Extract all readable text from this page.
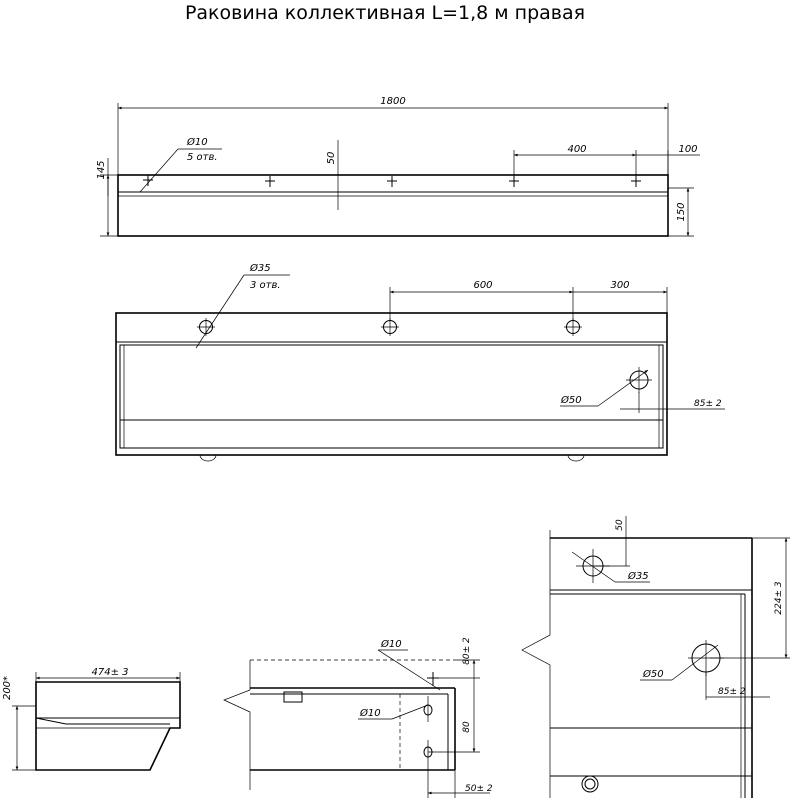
Раковина коллективная L=1,8 м правая
1800
Ø10
5 отв.	50
400	100
145
150
Ø35
3 отв.	600	300
Ø50	85± 2
474± 3
200*
Ø10
Ø10
80± 2
80
50± 2
Ø35
50
224± 3
Ø50
85± 2
